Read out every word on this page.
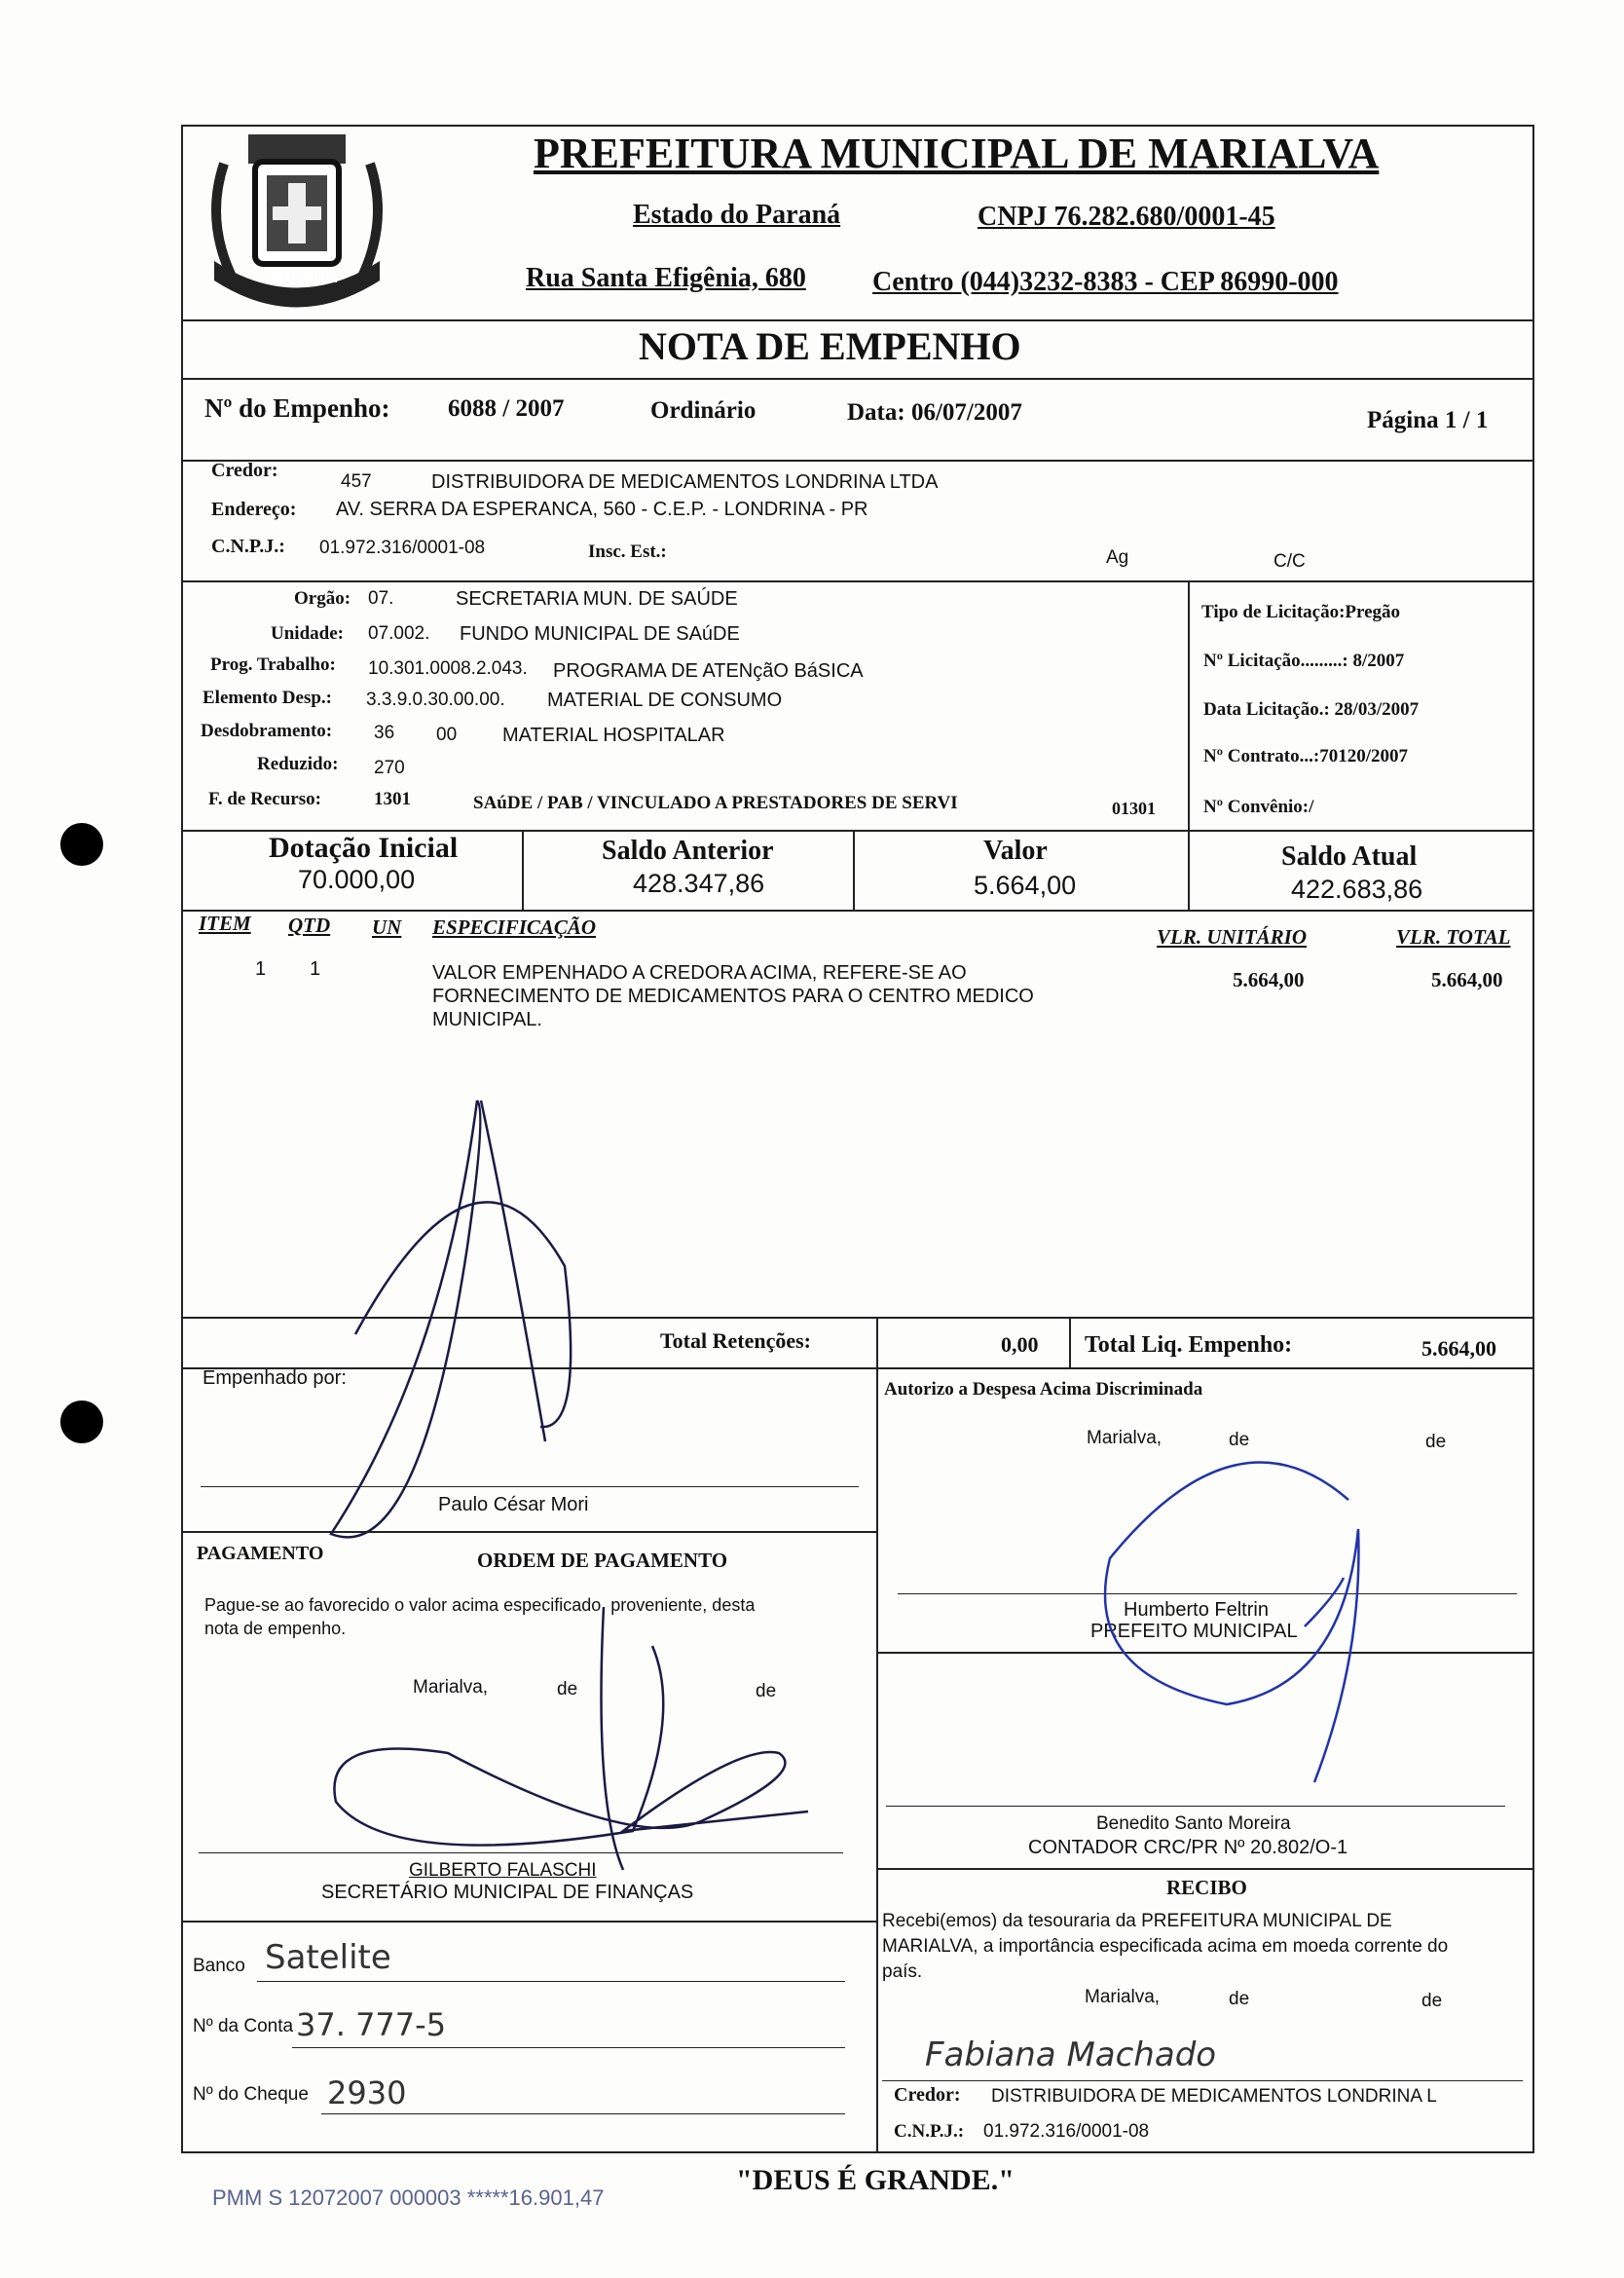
MARIALVA
PREFEITURA MUNICIPAL DE MARIALVA
Estado do Paraná	CNPJ 76.282.680/0001-45
Rua Santa Efigênia, 680 Centro (044)3232-8383 - CEP 86990-000
NOTA DE EMPENHO
Nº do Empenho: 6088 / 2007	Ordinário	Data: 06/07/2007	Página 1 / 1
Credor:
457	DISTRIBUIDORA DE MEDICAMENTOS LONDRINA LTDA
Endereço: AV. SERRA DA ESPERANCA, 560 - C.E.P. - LONDRINA - PR
C.N.P.J.: 01.972.316/0001-08	Insc. Est.:	Ag	C/C
Orgão: 07.	SECRETARIA MUN. DE SAÚDE
Unidade: 07.002. FUNDO MUNICIPAL DE SAúDE
Prog. Trabalho: 10.301.0008.2.043. PROGRAMA DE ATENçãO BáSICA
Elemento Desp.: 3.3.9.0.30.00.00. MATERIAL DE CONSUMO
Desdobramento: 36 00 MATERIAL HOSPITALAR
Reduzido: 270
F. de Recurso:	1301	SAúDE / PAB / VINCULADO A PRESTADORES DE SERVI	01301
Tipo de Licitação:Pregão
Nº Licitação.........: 8/2007
Data Licitação.: 28/03/2007
Nº Contrato...:70120/2007
Nº Convênio:/
Dotação Inicial
70.000,00
Saldo Anterior
428.347,86
Valor
5.664,00
Saldo Atual
422.683,86
ITEM QTD UN ESPECIFICAÇÃO	VLR. UNITÁRIO	VLR. TOTAL
1 1	VALOR EMPENHADO A CREDORA ACIMA, REFERE-SE AO
FORNECIMENTO DE MEDICAMENTOS PARA O CENTRO MEDICO
MUNICIPAL.
5.664,00	5.664,00
Total Retenções:	0,00 Total Liq. Empenho:	5.664,00
Empenhado por:
Paulo César Mori
Autorizo a Despesa Acima Discriminada
Marialva,	de	de
Humberto Feltrin
PREFEITO MUNICIPAL
Benedito Santo Moreira
CONTADOR CRC/PR Nº 20.802/O-1
PAGAMENTO	ORDEM DE PAGAMENTO
Pague-se ao favorecido o valor acima especificado, proveniente, desta
nota de empenho.
Marialva,	de	de
GILBERTO FALASCHI
SECRETÁRIO MUNICIPAL DE FINANÇAS
Banco Satelite
Nº da Conta 37. 777-5
Nº do Cheque 2930
RECIBO
Recebi(emos) da tesouraria da PREFEITURA MUNICIPAL DE
MARIALVA, a importância especificada acima em moeda corrente do
país.
Marialva,	de	de
Fabiana Machado
Credor: DISTRIBUIDORA DE MEDICAMENTOS LONDRINA L
C.N.P.J.: 01.972.316/0001-08
"DEUS É GRANDE."
PMM S 12072007 000003 *****16.901,47
